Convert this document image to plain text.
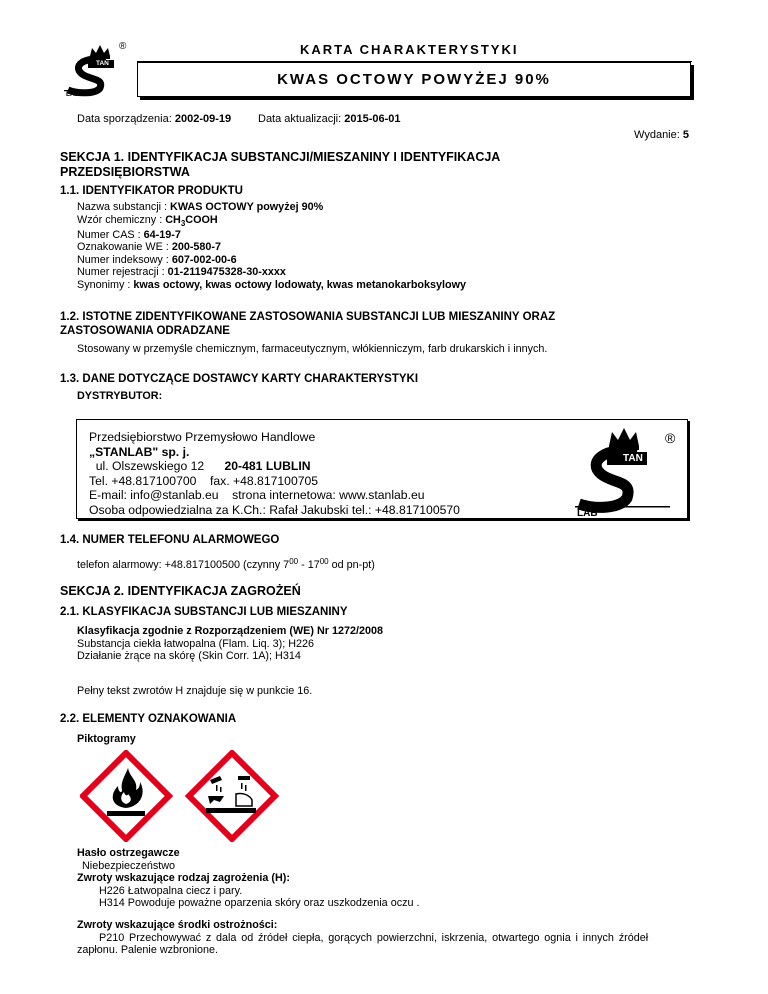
TAN
LAB
®	KARTA CHARAKTERYSTYKI
KWAS OCTOWY POWYŻEJ 90%
Data sporządzenia: 2002-09-19 Data aktualizacji: 2015-06-01
Wydanie: 5
SEKCJA 1. IDENTYFIKACJA SUBSTANCJI/MIESZANINY I IDENTYFIKACJA
PRZEDSIĘBIORSTWA
1.1. IDENTYFIKATOR PRODUKTU
Nazwa substancji : KWAS OCTOWY powyżej 90%
Wzór chemiczny : $CH_3COOH$
Numer CAS : 64-19-7
Oznakowanie WE : 200-580-7
Numer indeksowy : 607-002-00-6
Numer rejestracji : 01-2119475328-30-xxxx
Synonimy : kwas octowy, kwas octowy lodowaty, kwas metanokarboksylowy
1.2. ISTOTNE ZIDENTYFIKOWANE ZASTOSOWANIA SUBSTANCJI LUB MIESZANINY ORAZ
ZASTOSOWANIA ODRADZANE
Stosowany w przemyśle chemicznym, farmaceutycznym, włókienniczym, farb drukarskich i innych.
1.3. DANE DOTYCZĄCE DOSTAWCY KARTY CHARAKTERYSTYKI
DYSTRYBUTOR:
Przedsiębiorstwo Przemysłowo Handlowe
„STANLAB" sp. j.
ul. Olszewskiego 12 20-481 LUBLIN
Tel. +48.817100700 fax. +48.817100705
E-mail: info@stanlab.eu strona internetowa: www.stanlab.eu
Osoba odpowiedzialna za K.Ch.: Rafał Jakubski tel.: +48.817100570
TAN
LAB
®
1.4. NUMER TELEFONU ALARMOWEGO
telefon alarmowy: +48.817100500 (czynny $7^{00} - 17^{00}$ od pn-pt)
SEKCJA 2. IDENTYFIKACJA ZAGROŻEŃ
2.1. KLASYFIKACJA SUBSTANCJI LUB MIESZANINY
Klasyfikacja zgodnie z Rozporządzeniem (WE) Nr 1272/2008
Substancja ciekła łatwopalna (Flam. Liq. 3); H226
Działanie żrące na skórę (Skin Corr. 1A); H314
Pełny tekst zwrotów H znajduje się w punkcie 16.
2.2. ELEMENTY OZNAKOWANIA
Piktogramy
Hasło ostrzegawcze
Niebezpieczeństwo
Zwroty wskazujące rodzaj zagrożenia (H):
H226 Łatwopalna ciecz i pary.
H314 Powoduje poważne oparzenia skóry oraz uszkodzenia oczu .
Zwroty wskazujące środki ostrożności:
P210 Przechowywać z dala od źródeł ciepła, gorących powierzchni, iskrzenia, otwartego ognia i innych źródeł
zapłonu. Palenie wzbronione.
